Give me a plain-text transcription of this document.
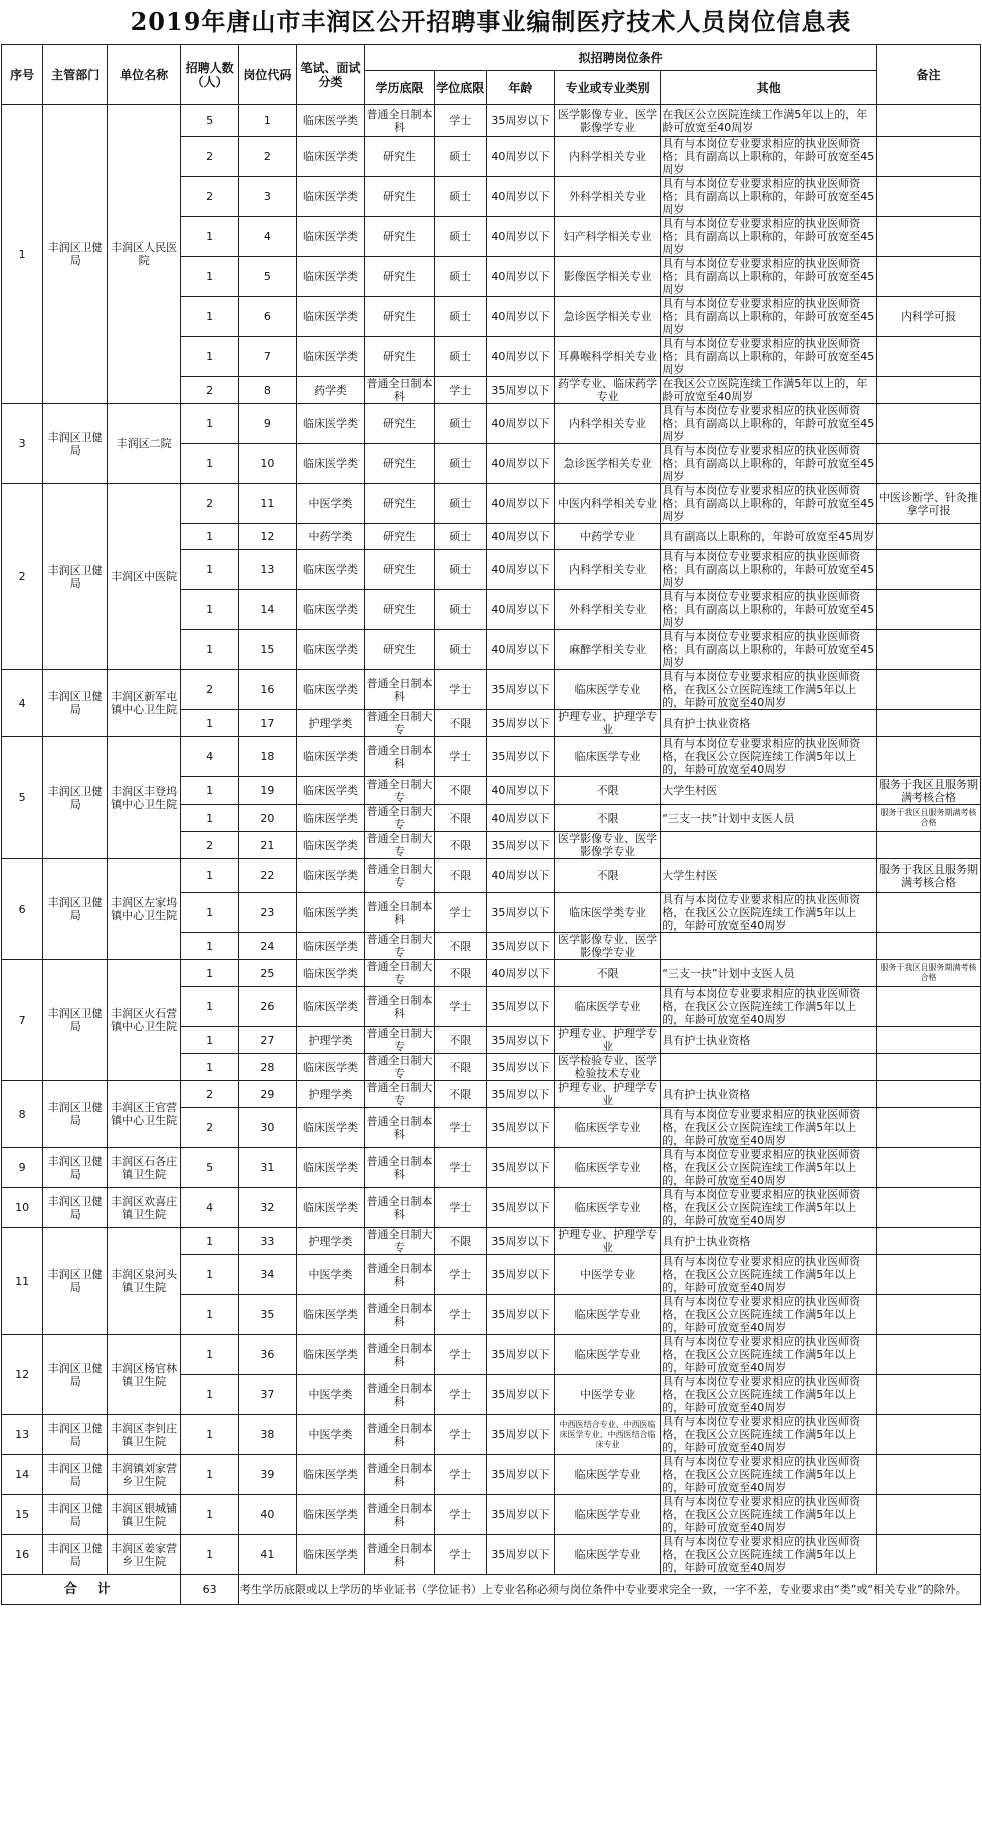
2019年唐山市丰润区公开招聘事业编制医疗技术人员岗位信息表
序号	主管部门	单位名称	招聘人数（人）	岗位代码	笔试、面试分类	拟招聘岗位条件					备注
						学历底限	学位底限	年龄	专业或专业类别	其他	
1	丰润区卫健局	丰润区人民医院	5	1	临床医学类	普通全日制本科	学士	35周岁以下	医学影像专业、医学影像学专业	在我区公立医院连续工作满5年以上的，年龄可放宽至40周岁	
			2	2	临床医学类	研究生	硕士	40周岁以下	内科学相关专业	具有与本岗位专业要求相应的执业医师资格；具有副高以上职称的，年龄可放宽至45周岁	
			2	3	临床医学类	研究生	硕士	40周岁以下	外科学相关专业	具有与本岗位专业要求相应的执业医师资格；具有副高以上职称的，年龄可放宽至45周岁	
			1	4	临床医学类	研究生	硕士	40周岁以下	妇产科学相关专业	具有与本岗位专业要求相应的执业医师资格；具有副高以上职称的，年龄可放宽至45周岁	
			1	5	临床医学类	研究生	硕士	40周岁以下	影像医学相关专业	具有与本岗位专业要求相应的执业医师资格；具有副高以上职称的，年龄可放宽至45周岁	
			1	6	临床医学类	研究生	硕士	40周岁以下	急诊医学相关专业	具有与本岗位专业要求相应的执业医师资格；具有副高以上职称的，年龄可放宽至45周岁	内科学可报
			1	7	临床医学类	研究生	硕士	40周岁以下	耳鼻喉科学相关专业	具有与本岗位专业要求相应的执业医师资格；具有副高以上职称的，年龄可放宽至45周岁	
			2	8	药学类	普通全日制本科	学士	35周岁以下	药学专业、临床药学专业	在我区公立医院连续工作满5年以上的，年龄可放宽至40周岁	
3	丰润区卫健局	丰润区二院	1	9	临床医学类	研究生	硕士	40周岁以下	内科学相关专业	具有与本岗位专业要求相应的执业医师资格；具有副高以上职称的，年龄可放宽至45周岁	
			1	10	临床医学类	研究生	硕士	40周岁以下	急诊医学相关专业	具有与本岗位专业要求相应的执业医师资格；具有副高以上职称的，年龄可放宽至45周岁	
2	丰润区卫健局	丰润区中医院	2	11	中医学类	研究生	硕士	40周岁以下	中医内科学相关专业	具有与本岗位专业要求相应的执业医师资格；具有副高以上职称的，年龄可放宽至45周岁	中医诊断学、针灸推拿学可报
			1	12	中药学类	研究生	硕士	40周岁以下	中药学专业	具有副高以上职称的，年龄可放宽至45周岁	
			1	13	临床医学类	研究生	硕士	40周岁以下	内科学相关专业	具有与本岗位专业要求相应的执业医师资格；具有副高以上职称的，年龄可放宽至45周岁	
			1	14	临床医学类	研究生	硕士	40周岁以下	外科学相关专业	具有与本岗位专业要求相应的执业医师资格；具有副高以上职称的，年龄可放宽至45周岁	
			1	15	临床医学类	研究生	硕士	40周岁以下	麻醉学相关专业	具有与本岗位专业要求相应的执业医师资格；具有副高以上职称的，年龄可放宽至45周岁	
4	丰润区卫健局	丰润区新军屯镇中心卫生院	2	16	临床医学类	普通全日制本科	学士	35周岁以下	临床医学专业	具有与本岗位专业要求相应的执业医师资格，在我区公立医院连续工作满5年以上的，年龄可放宽至40周岁	
			1	17	护理学类	普通全日制大专	不限	35周岁以下	护理专业、护理学专业	具有护士执业资格	
5	丰润区卫健局	丰润区丰登坞镇中心卫生院	4	18	临床医学类	普通全日制本科	学士	35周岁以下	临床医学专业	具有与本岗位专业要求相应的执业医师资格，在我区公立医院连续工作满5年以上的，年龄可放宽至40周岁	
			1	19	临床医学类	普通全日制大专	不限	40周岁以下	不限	大学生村医	服务于我区且服务期满考核合格
			1	20	临床医学类	普通全日制大专	不限	40周岁以下	不限	“三支一扶”计划中支医人员	服务于我区且服务期满考核合格
			2	21	临床医学类	普通全日制大专	不限	35周岁以下	医学影像专业、医学影像学专业		
6	丰润区卫健局	丰润区左家坞镇中心卫生院	1	22	临床医学类	普通全日制大专	不限	40周岁以下	不限	大学生村医	服务于我区且服务期满考核合格
			1	23	临床医学类	普通全日制本科	学士	35周岁以下	临床医学类专业	具有与本岗位专业要求相应的执业医师资格，在我区公立医院连续工作满5年以上的，年龄可放宽至40周岁	
			1	24	临床医学类	普通全日制大专	不限	35周岁以下	医学影像专业、医学影像学专业		
7	丰润区卫健局	丰润区火石营镇中心卫生院	1	25	临床医学类	普通全日制大专	不限	40周岁以下	不限	“三支一扶”计划中支医人员	服务于我区且服务期满考核合格
			1	26	临床医学类	普通全日制本科	学士	35周岁以下	临床医学专业	具有与本岗位专业要求相应的执业医师资格，在我区公立医院连续工作满5年以上的，年龄可放宽至40周岁	
			1	27	护理学类	普通全日制大专	不限	35周岁以下	护理专业、护理学专业	具有护士执业资格	
			1	28	临床医学类	普通全日制大专	不限	35周岁以下	医学检验专业、医学检验技术专业		
8	丰润区卫健局	丰润区王官营镇中心卫生院	2	29	护理学类	普通全日制大专	不限	35周岁以下	护理专业、护理学专业	具有护士执业资格	
			2	30	临床医学类	普通全日制本科	学士	35周岁以下	临床医学专业	具有与本岗位专业要求相应的执业医师资格，在我区公立医院连续工作满5年以上的，年龄可放宽至40周岁	
9	丰润区卫健局	丰润区石各庄镇卫生院	5	31	临床医学类	普通全日制本科	学士	35周岁以下	临床医学专业	具有与本岗位专业要求相应的执业医师资格，在我区公立医院连续工作满5年以上的，年龄可放宽至40周岁	
10	丰润区卫健局	丰润区欢喜庄镇卫生院	4	32	临床医学类	普通全日制本科	学士	35周岁以下	临床医学专业	具有与本岗位专业要求相应的执业医师资格，在我区公立医院连续工作满5年以上的，年龄可放宽至40周岁	
11	丰润区卫健局	丰润区泉河头镇卫生院	1	33	护理学类	普通全日制大专	不限	35周岁以下	护理专业、护理学专业	具有护士执业资格	
			1	34	中医学类	普通全日制本科	学士	35周岁以下	中医学专业	具有与本岗位专业要求相应的执业医师资格，在我区公立医院连续工作满5年以上的，年龄可放宽至40周岁	
			1	35	临床医学类	普通全日制本科	学士	35周岁以下	临床医学专业	具有与本岗位专业要求相应的执业医师资格，在我区公立医院连续工作满5年以上的，年龄可放宽至40周岁	
12	丰润区卫健局	丰润区杨官林镇卫生院	1	36	临床医学类	普通全日制本科	学士	35周岁以下	临床医学专业	具有与本岗位专业要求相应的执业医师资格，在我区公立医院连续工作满5年以上的，年龄可放宽至40周岁	
			1	37	中医学类	普通全日制本科	学士	35周岁以下	中医学专业	具有与本岗位专业要求相应的执业医师资格，在我区公立医院连续工作满5年以上的，年龄可放宽至40周岁	
13	丰润区卫健局	丰润区李钊庄镇卫生院	1	38	中医学类	普通全日制本科	学士	35周岁以下	中西医结合专业、中西医临床医学专业、中西医结合临床专业	具有与本岗位专业要求相应的执业医师资格，在我区公立医院连续工作满5年以上的，年龄可放宽至40周岁	
14	丰润区卫健局	丰润镇刘家营乡卫生院	1	39	临床医学类	普通全日制本科	学士	35周岁以下	临床医学专业	具有与本岗位专业要求相应的执业医师资格，在我区公立医院连续工作满5年以上的，年龄可放宽至40周岁	
15	丰润区卫健局	丰润区银城铺镇卫生院	1	40	临床医学类	普通全日制本科	学士	35周岁以下	临床医学专业	具有与本岗位专业要求相应的执业医师资格，在我区公立医院连续工作满5年以上的，年龄可放宽至40周岁	
16	丰润区卫健局	丰润区姜家营乡卫生院	1	41	临床医学类	普通全日制本科	学士	35周岁以下	临床医学专业	具有与本岗位专业要求相应的执业医师资格，在我区公立医院连续工作满5年以上的，年龄可放宽至40周岁	
合 计			63	考生学历底限或以上学历的毕业证书（学位证书）上专业名称必须与岗位条件中专业要求完全一致，一字不差，专业要求由“类”或“相关专业”的除外。							
